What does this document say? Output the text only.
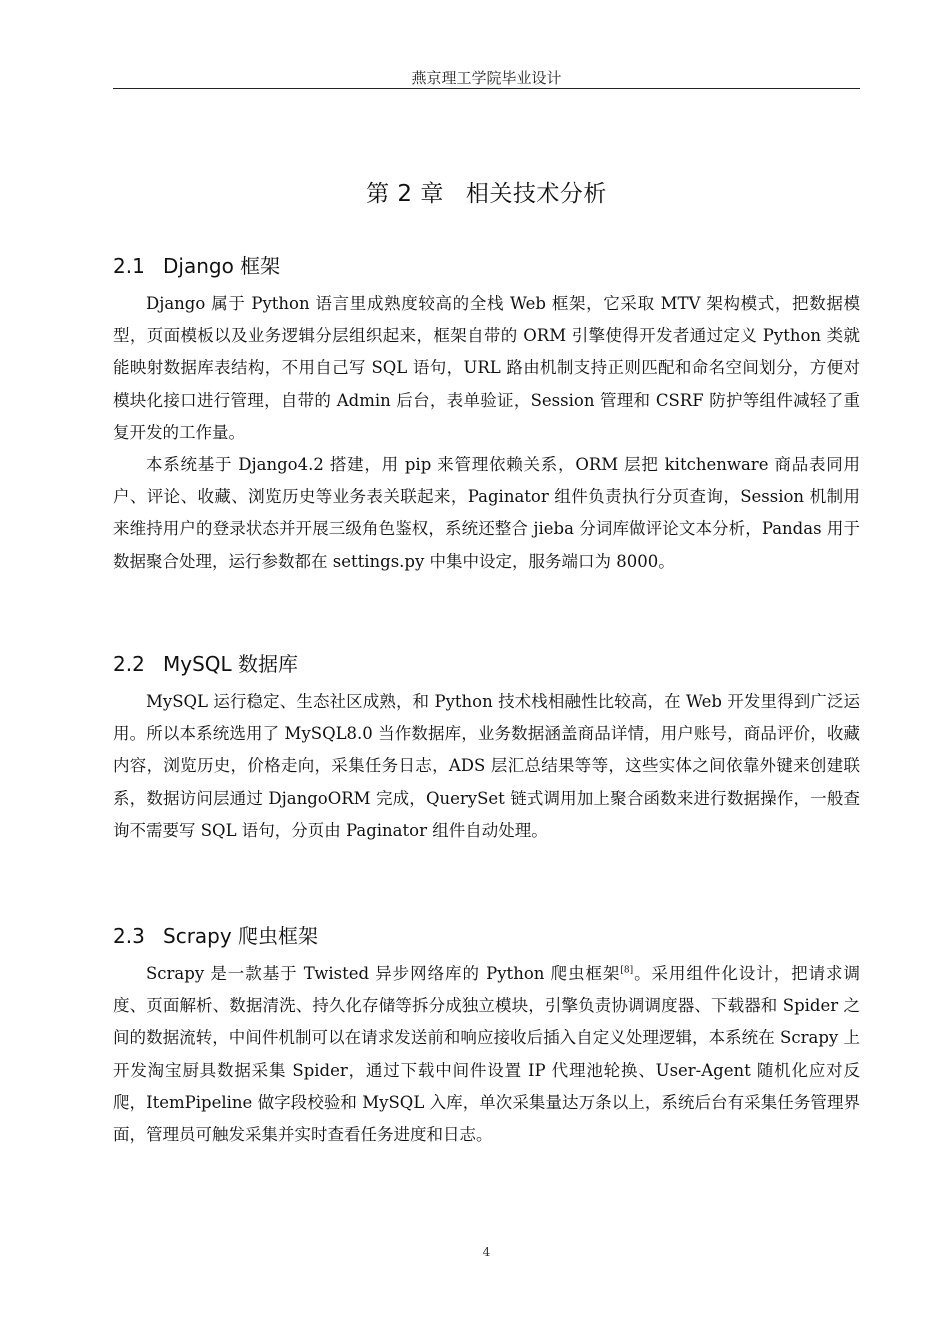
燕京理工学院毕业设计
第 2 章 相关技术分析
2.1 Django 框架

Django 属于 Python 语言里成熟度较高的全栈 Web 框架，它采取 MTV 架构模式，把数据模型，页面模板以及业务逻辑分层组织起来，框架自带的 ORM 引擎使得开发者通过定义 Python 类就能映射数据库表结构，不用自己写 SQL 语句，URL 路由机制支持正则匹配和命名空间划分，方便对模块化接口进行管理，自带的 Admin 后台，表单验证，Session 管理和 CSRF 防护等组件减轻了重复开发的工作量。

本系统基于 Django4.2 搭建，用 pip 来管理依赖关系，ORM 层把 kitchenware 商品表同用户、评论、收藏、浏览历史等业务表关联起来，Paginator 组件负责执行分页查询，Session 机制用来维持用户的登录状态并开展三级角色鉴权，系统还整合 jieba 分词库做评论文本分析，Pandas 用于数据聚合处理，运行参数都在 settings.py 中集中设定，服务端口为 8000。

2.2 MySQL 数据库

MySQL 运行稳定、生态社区成熟，和 Python 技术栈相融性比较高，在 Web 开发里得到广泛运用。所以本系统选用了 MySQL8.0 当作数据库，业务数据涵盖商品详情，用户账号，商品评价，收藏内容，浏览历史，价格走向，采集任务日志，ADS 层汇总结果等等，这些实体之间依靠外键来创建联系，数据访问层通过 DjangoORM 完成，QuerySet 链式调用加上聚合函数来进行数据操作，一般查询不需要写 SQL 语句，分页由 Paginator 组件自动处理。

2.3 Scrapy 爬虫框架

Scrapy 是一款基于 Twisted 异步网络库的 Python 爬虫框架[8]。采用组件化设计，把请求调度、页面解析、数据清洗、持久化存储等拆分成独立模块，引擎负责协调调度器、下载器和 Spider 之间的数据流转，中间件机制可以在请求发送前和响应接收后插入自定义处理逻辑，本系统在 Scrapy 上开发淘宝厨具数据采集 Spider，通过下载中间件设置 IP 代理池轮换、User-Agent 随机化应对反爬，ItemPipeline 做字段校验和 MySQL 入库，单次采集量达万条以上，系统后台有采集任务管理界面，管理员可触发采集并实时查看任务进度和日志。

4
